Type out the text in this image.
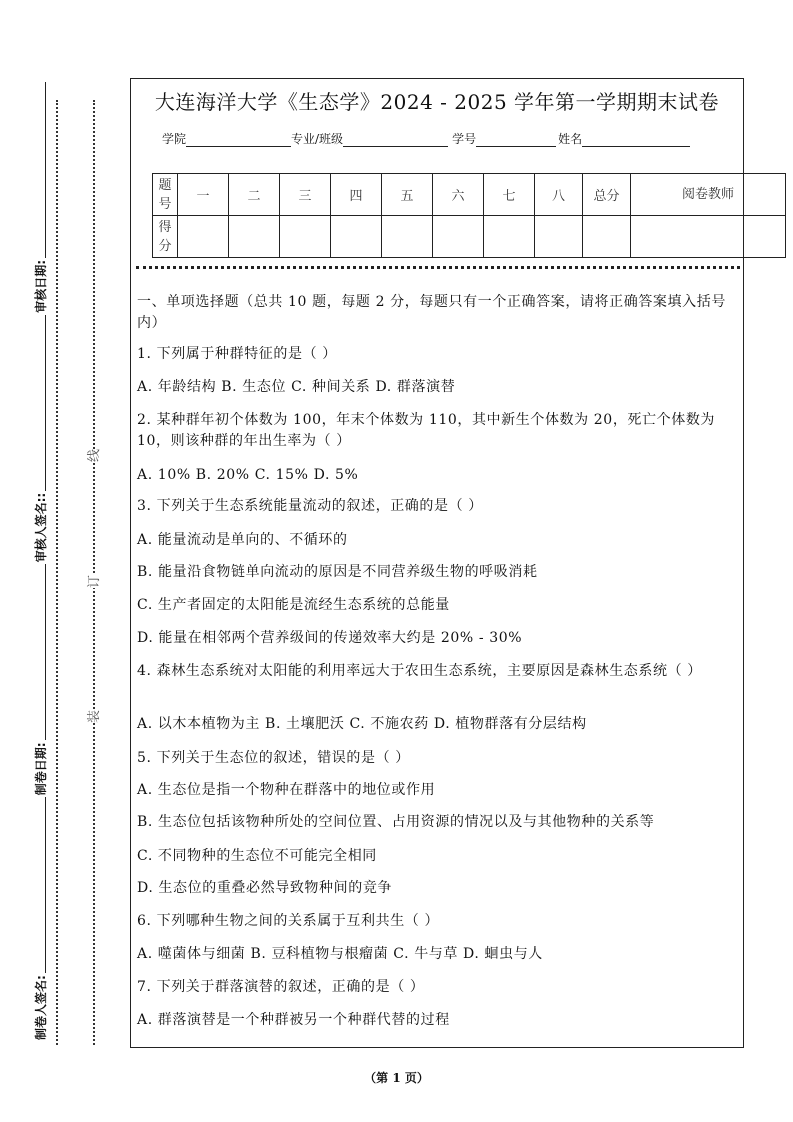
制卷人签名:
制卷日期:
审核人签名::
审核日期:
线
订
装
大连海洋大学《生态学》2024 - 2025 学年第一学期期末试卷
学院	专业/班级	学号	姓名
题号	一	二	三	四	五	六	七	八	总分	阅卷教师
得分										
一、单项选择题（总共 10 题，每题 2 分，每题只有一个正确答案，请将正确答案填入括号内）
1. 下列属于种群特征的是（ ）
A. 年龄结构 B. 生态位 C. 种间关系 D. 群落演替
2. 某种群年初个体数为 100，年末个体数为 110，其中新生个体数为 20，死亡个体数为 10，则该种群的年出生率为（ ）
A. 10% B. 20% C. 15% D. 5%
3. 下列关于生态系统能量流动的叙述，正确的是（ ）
A. 能量流动是单向的、不循环的
B. 能量沿食物链单向流动的原因是不同营养级生物的呼吸消耗
C. 生产者固定的太阳能是流经生态系统的总能量
D. 能量在相邻两个营养级间的传递效率大约是 20% - 30%
4. 森林生态系统对太阳能的利用率远大于农田生态系统，主要原因是森林生态系统（ ）
A. 以木本植物为主 B. 土壤肥沃 C. 不施农药 D. 植物群落有分层结构
5. 下列关于生态位的叙述，错误的是（ ）
A. 生态位是指一个物种在群落中的地位或作用
B. 生态位包括该物种所处的空间位置、占用资源的情况以及与其他物种的关系等
C. 不同物种的生态位不可能完全相同
D. 生态位的重叠必然导致物种间的竞争
6. 下列哪种生物之间的关系属于互利共生（ ）
A. 噬菌体与细菌 B. 豆科植物与根瘤菌 C. 牛与草 D. 蛔虫与人
7. 下列关于群落演替的叙述，正确的是（ ）
A. 群落演替是一个种群被另一个种群代替的过程
（第 1 页）
